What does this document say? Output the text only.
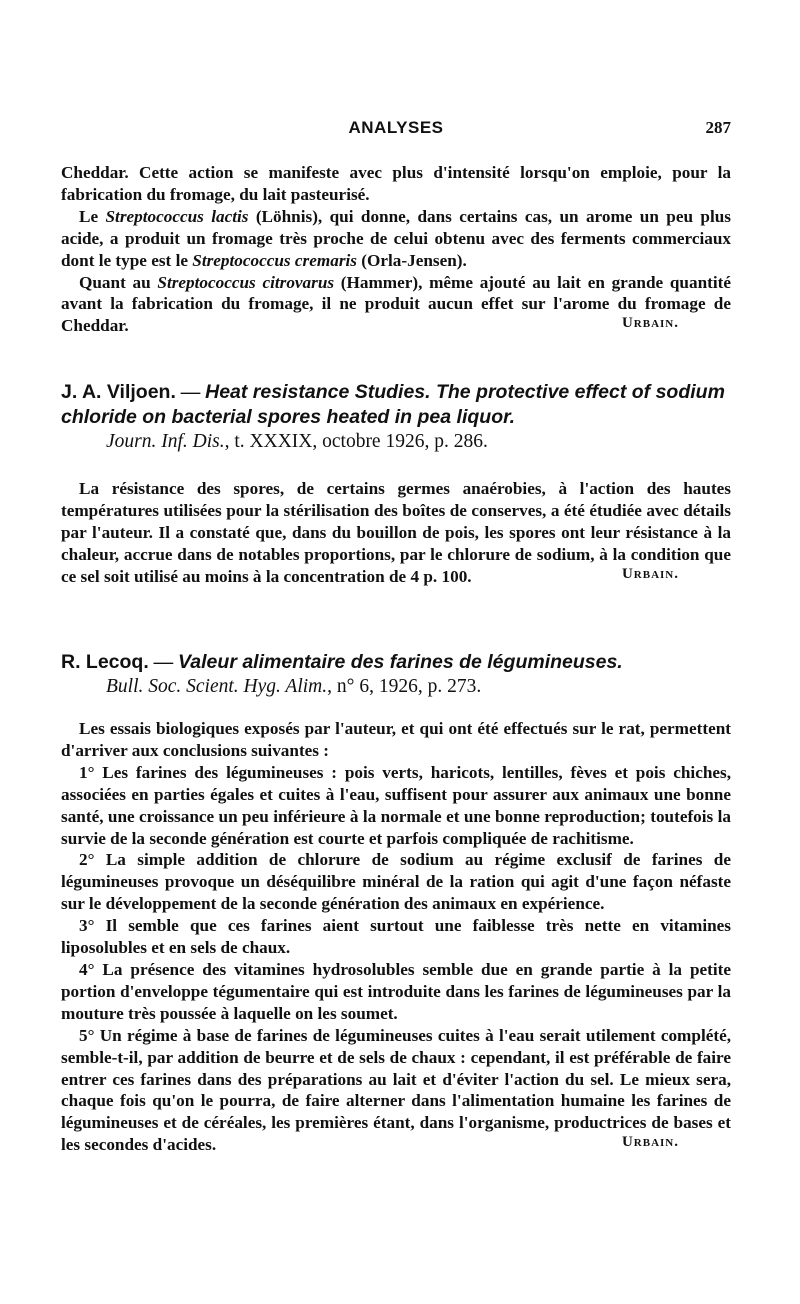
ANALYSES	287

Cheddar. Cette action se manifeste avec plus d'intensité lorsqu'on emploie, pour la fabrication du fromage, du lait pasteurisé.

Le Streptococcus lactis (Löhnis), qui donne, dans certains cas, un arome un peu plus acide, a produit un fromage très proche de celui obtenu avec des ferments commerciaux dont le type est le Streptococcus cremaris (Orla-Jensen).

Quant au Streptococcus citrovarus (Hammer), même ajouté au lait en grande quantité avant la fabrication du fromage, il ne produit aucun effet sur l'arome du fromage de Cheddar.	Urbain.
J. A. Viljoen. — Heat resistance Studies. The protective effect of sodium chloride on bacterial spores heated in pea liquor.
Journ. Inf. Dis., t. XXXIX, octobre 1926, p. 286.

La résistance des spores, de certains germes anaérobies, à l'action des hautes températures utilisées pour la stérilisation des boîtes de conserves, a été étudiée avec détails par l'auteur. Il a constaté que, dans du bouillon de pois, les spores ont leur résistance à la chaleur, accrue dans de notables proportions, par le chlorure de sodium, à la condition que ce sel soit utilisé au moins à la concentration de 4 p. 100.	Urbain.
R. Lecoq. — Valeur alimentaire des farines de légumineuses.
Bull. Soc. Scient. Hyg. Alim., n° 6, 1926, p. 273.

Les essais biologiques exposés par l'auteur, et qui ont été effectués sur le rat, permettent d'arriver aux conclusions suivantes :

1° Les farines des légumineuses : pois verts, haricots, lentilles, fèves et pois chiches, associées en parties égales et cuites à l'eau, suffisent pour assurer aux animaux une bonne santé, une croissance un peu inférieure à la normale et une bonne reproduction; toutefois la survie de la seconde génération est courte et parfois compliquée de rachitisme.

2° La simple addition de chlorure de sodium au régime exclusif de farines de légumineuses provoque un déséquilibre minéral de la ration qui agit d'une façon néfaste sur le développement de la seconde génération des animaux en expérience.

3° Il semble que ces farines aient surtout une faiblesse très nette en vitamines liposolubles et en sels de chaux.

4° La présence des vitamines hydrosolubles semble due en grande partie à la petite portion d'enveloppe tégumentaire qui est introduite dans les farines de légumineuses par la mouture très poussée à laquelle on les soumet.

5° Un régime à base de farines de légumineuses cuites à l'eau serait utilement complété, semble-t-il, par addition de beurre et de sels de chaux : cependant, il est préférable de faire entrer ces farines dans des préparations au lait et d'éviter l'action du sel. Le mieux sera, chaque fois qu'on le pourra, de faire alterner dans l'alimentation humaine les farines de légumineuses et de céréales, les premières étant, dans l'organisme, productrices de bases et les secondes d'acides.	Urbain.
